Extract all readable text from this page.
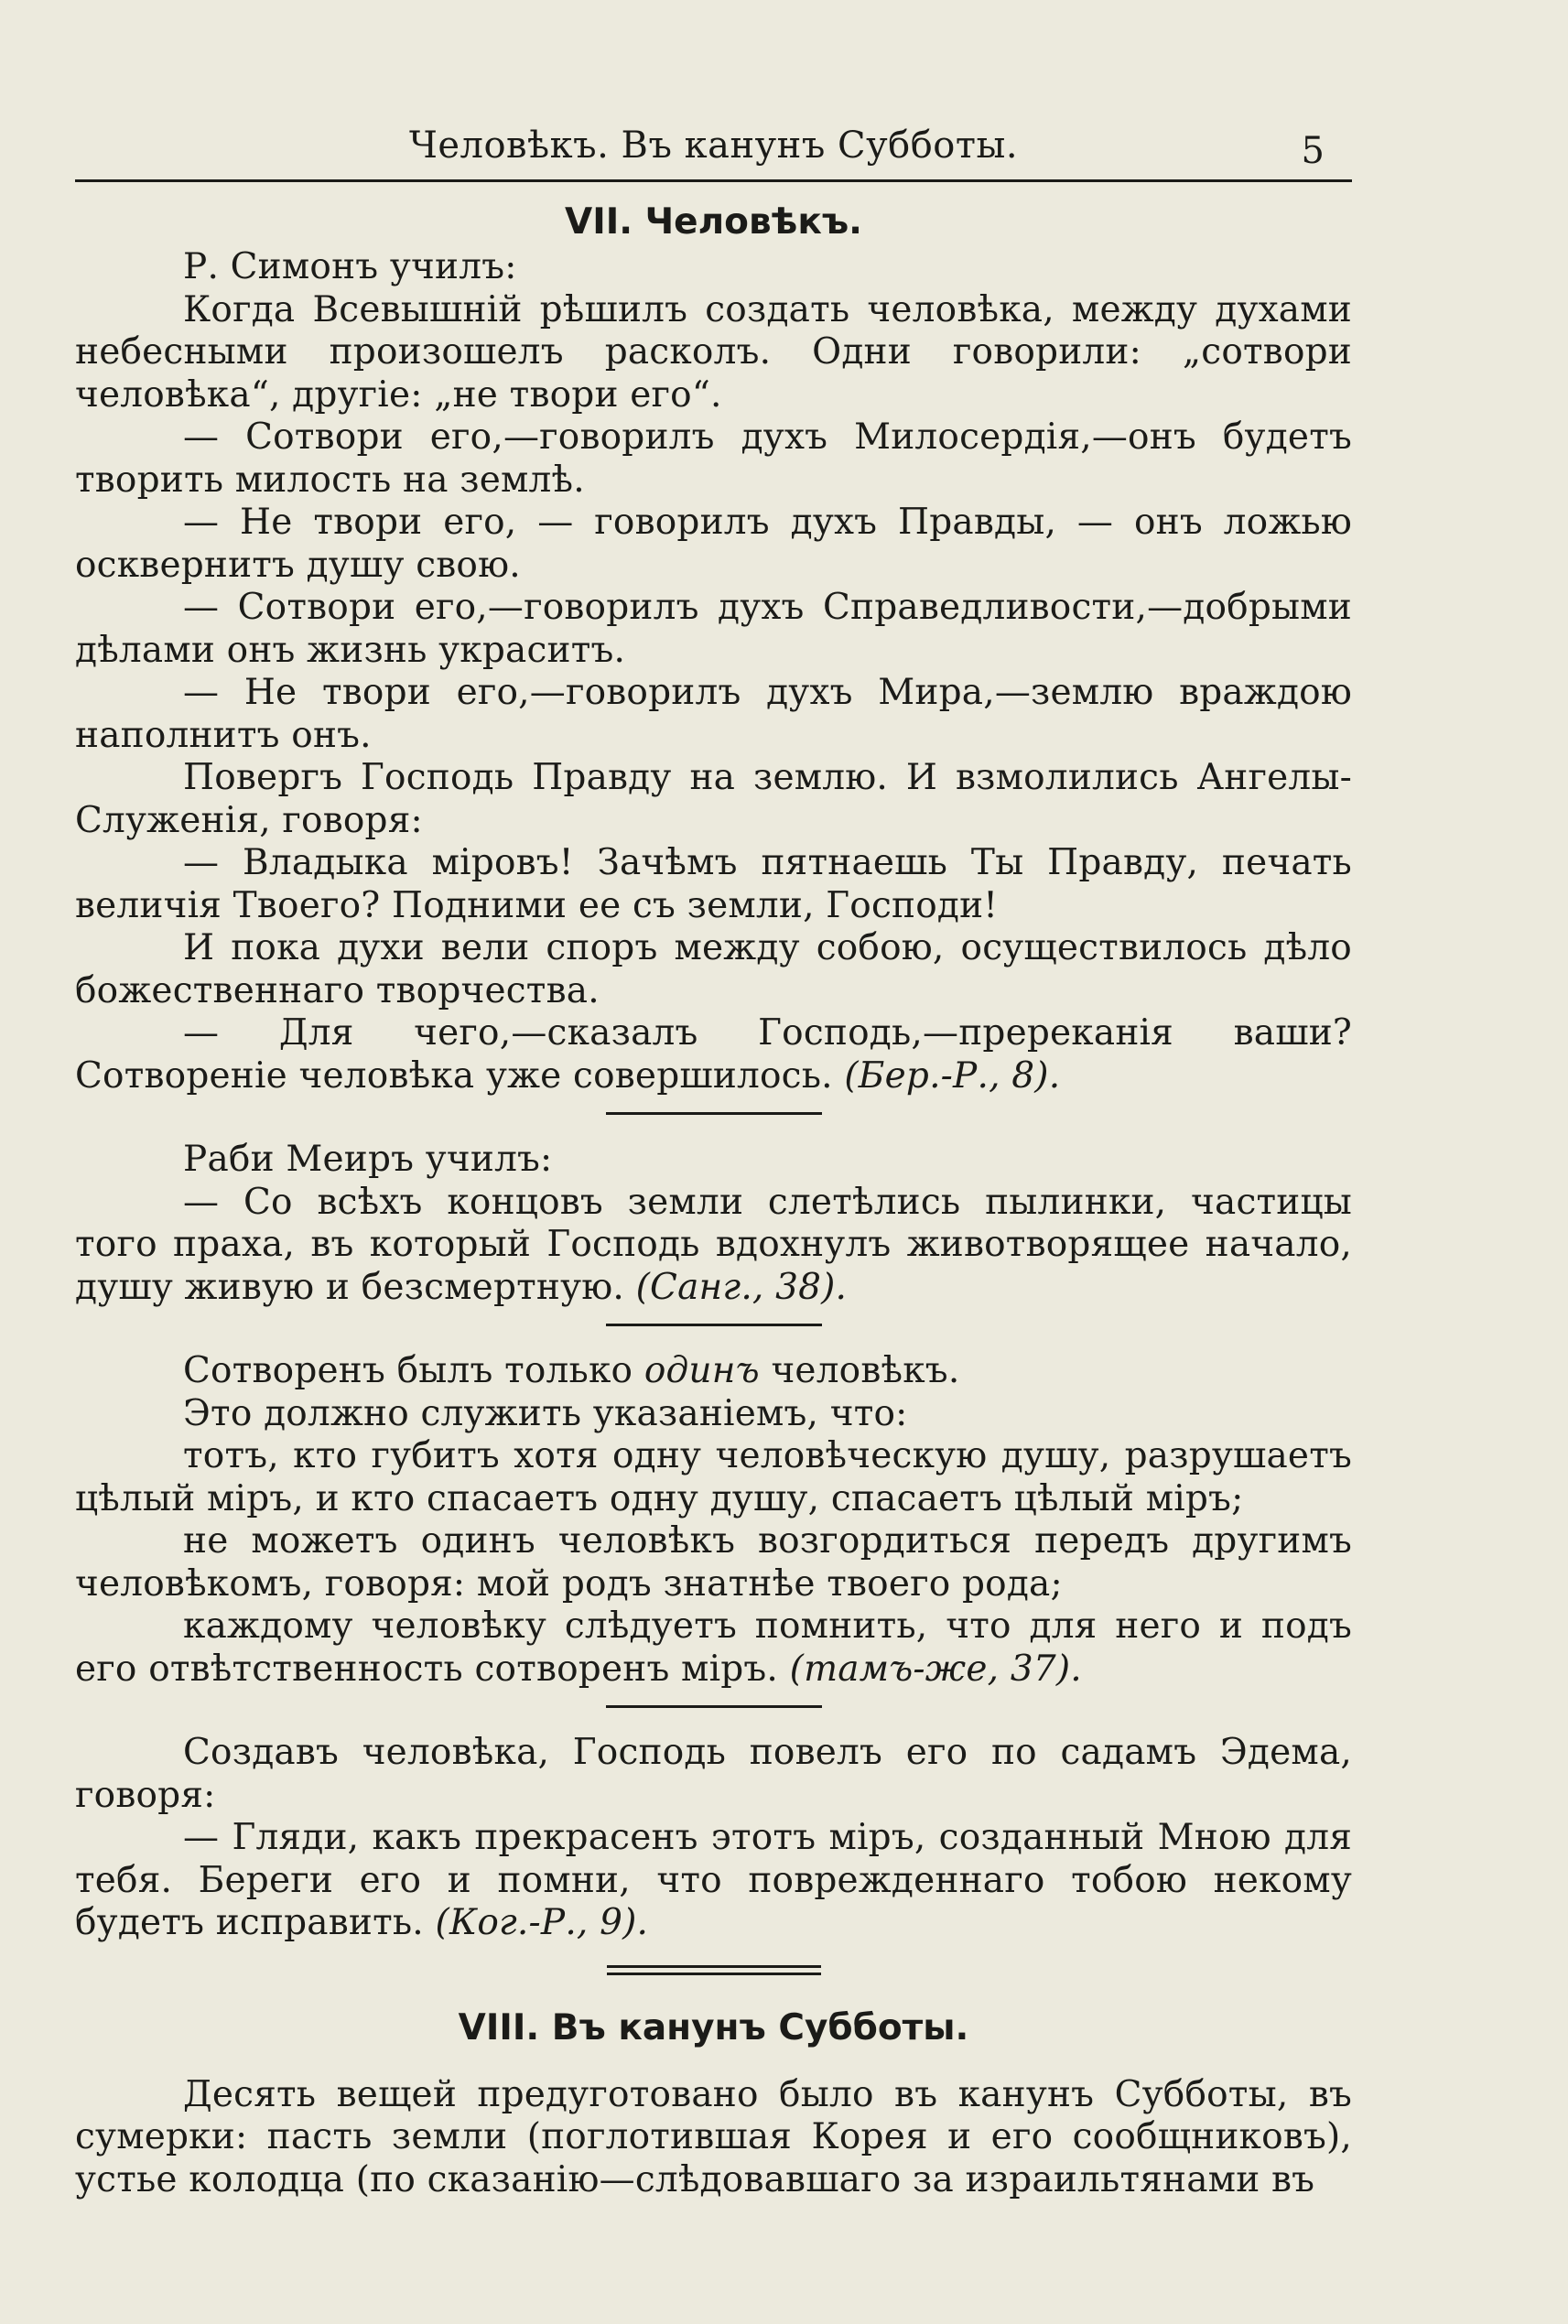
Человѣкъ. Въ канунъ Субботы.	5
VII. Человѣкъ.

Р. Симонъ училъ:

Когда Всевышній рѣшилъ создать человѣка, между духами небесными произошелъ расколъ. Одни говорили: „сотвори человѣка“, другіе: „не твори его“.

— Сотвори его,—говорилъ духъ Милосердія,—онъ будетъ творить милость на землѣ.

— Не твори его, — говорилъ духъ Правды, — онъ ложью осквернитъ душу свою.

— Сотвори его,—говорилъ духъ Справедливости,—добрыми дѣлами онъ жизнь украситъ.

— Не твори его,—говорилъ духъ Мира,—землю враждою наполнитъ онъ.

Повергъ Господь Правду на землю. И взмолились Ангелы-Служенія, говоря:

— Владыка міровъ! Зачѣмъ пятнаешь Ты Правду, печать величія Твоего? Подними ее съ земли, Господи!

И пока духи вели споръ между собою, осуществилось дѣло божественнаго творчества.

— Для чего,—сказалъ Господь,—пререканія ваши? Сотвореніе человѣка уже совершилось. (Бер.-Р., 8).

Раби Меиръ училъ:

— Со всѣхъ концовъ земли слетѣлись пылинки, частицы того праха, въ который Господь вдохнулъ животворящее начало, душу живую и безсмертную. (Санг., 38).

Сотворенъ былъ только одинъ человѣкъ.

Это должно служить указаніемъ, что:

тотъ, кто губитъ хотя одну человѣческую душу, разрушаетъ цѣлый міръ, и кто спасаетъ одну душу, спасаетъ цѣлый міръ;

не можетъ одинъ человѣкъ возгордиться передъ другимъ человѣкомъ, говоря: мой родъ знатнѣе твоего рода;

каждому человѣку слѣдуетъ помнить, что для него и подъ его отвѣтственность сотворенъ міръ. (тамъ-же, 37).

Создавъ человѣка, Господь повелъ его по садамъ Эдема, говоря:

— Гляди, какъ прекрасенъ этотъ міръ, созданный Мною для тебя. Береги его и помни, что поврежденнаго тобою некому будетъ исправить. (Ког.-Р., 9).

VIII. Въ канунъ Субботы.

Десять вещей предуготовано было въ канунъ Субботы, въ сумерки: пасть земли (поглотившая Корея и его сообщниковъ), устье колодца (по сказанію—слѣдовавшаго за израильтянами въ
